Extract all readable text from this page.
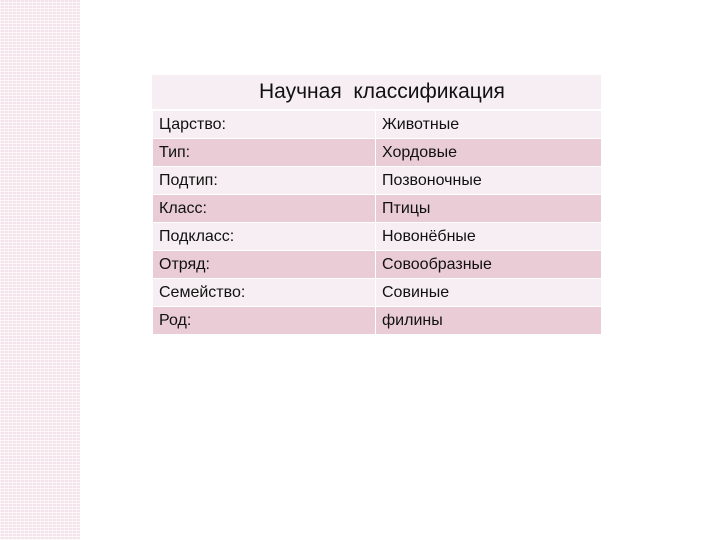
Научная  классификация
Царство:	Животные
Тип:	Хордовые
Подтип:	Позвоночные
Класс:	Птицы
Подкласс:	Новонёбные
Отряд:	Совообразные
Семейство:	Совиные
Род:	филины
